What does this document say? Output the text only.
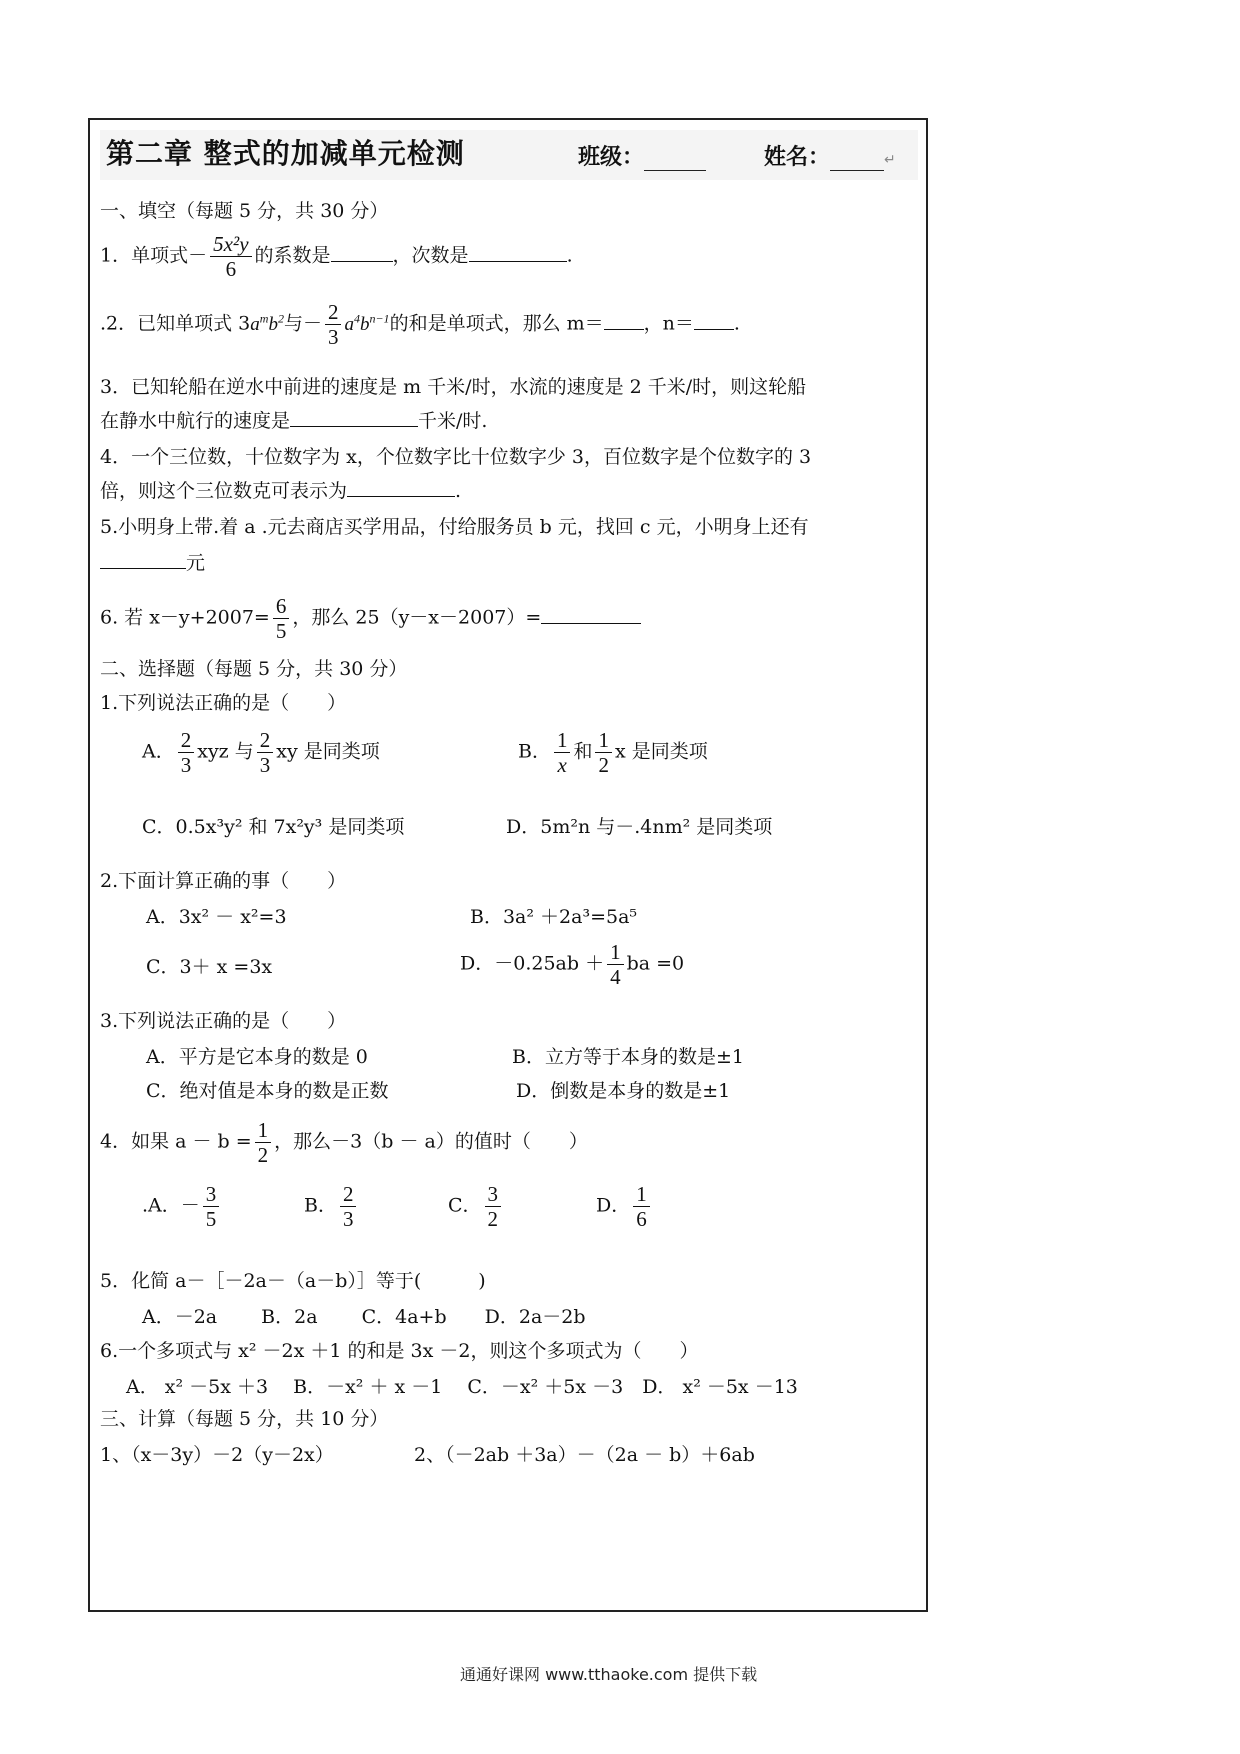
第二章 整式的加减单元检测	班级：	姓名：	↵
一、填空（每题 5 分，共 30 分）
1．单项式－ $\frac{\text{5x²y}}{6}$ 的系数是	，次数是	.
.2．已知单项式 $3a^mb^2$与－ $\frac{2}{3} a^4b^{n-1}$的和是单项式，那么 m＝ ，n＝ .
3．已知轮船在逆水中前进的速度是 m 千米/时，水流的速度是 2 千米/时，则这轮船
在静水中航行的速度是	千米/时.
4．一个三位数，十位数字为 x，个位数字比十位数字少 3，百位数字是个位数字的 3
倍，则这个三位数克可表示为	.
5.小明身上带.着 a .元去商店买学用品，付给服务员 b 元，找回 c 元，小明身上还有
元
6. 若 $x-y+2007= \frac{6}{5}$ ，那么 25（y－x－2007）=
二、选择题（每题 5 分，共 30 分）
1.下列说法正确的是（　　）
A． $\frac{2}{3}$ xyz 与 $\frac{2}{3}$ xy 是同类项	B． $\frac{1}{x}$ 和 $\frac{1}{2}$ x 是同类项
C．0.5x³y² 和 7x²y³ 是同类项	D．5m²n 与－.4nm² 是同类项
2.下面计算正确的事（　　）
A．3x² － x²=3	B．3a² ＋2a³=5a⁵
C．3＋ x =3x	D．$-0.25ab + \frac{1}{4}$ ba =0
3.下列说法正确的是（　　）
A．平方是它本身的数是 0	B．立方等于本身的数是±1
C．绝对值是本身的数是正数	D．倒数是本身的数是±1
4．如果 $a - b = \frac{1}{2}$ ，那么－3（b － a）的值时（　　）
.A．－ $\frac{3}{5}$	B． $\frac{2}{3}$	C． $\frac{3}{2}$	D． $\frac{1}{6}$
5．化简 a－［－2a－（a－b）］等于(　　　)
A．－2a　　 B．2a　　 C．4a+b　　D．2a－2b
6.一个多项式与 x² －2x ＋1 的和是 3x －2，则这个多项式为（　　）
A． x² －5x ＋3　 B．－x² ＋ x －1　 C．－x² ＋5x －3　D． x² －5x －13
三、计算（每题 5 分，共 10 分）
1、（x－3y）－2（y－2x）	2、（－2ab ＋3a）－（2a － b）＋6ab
通通好课网 www.tthaoke.com 提供下载
